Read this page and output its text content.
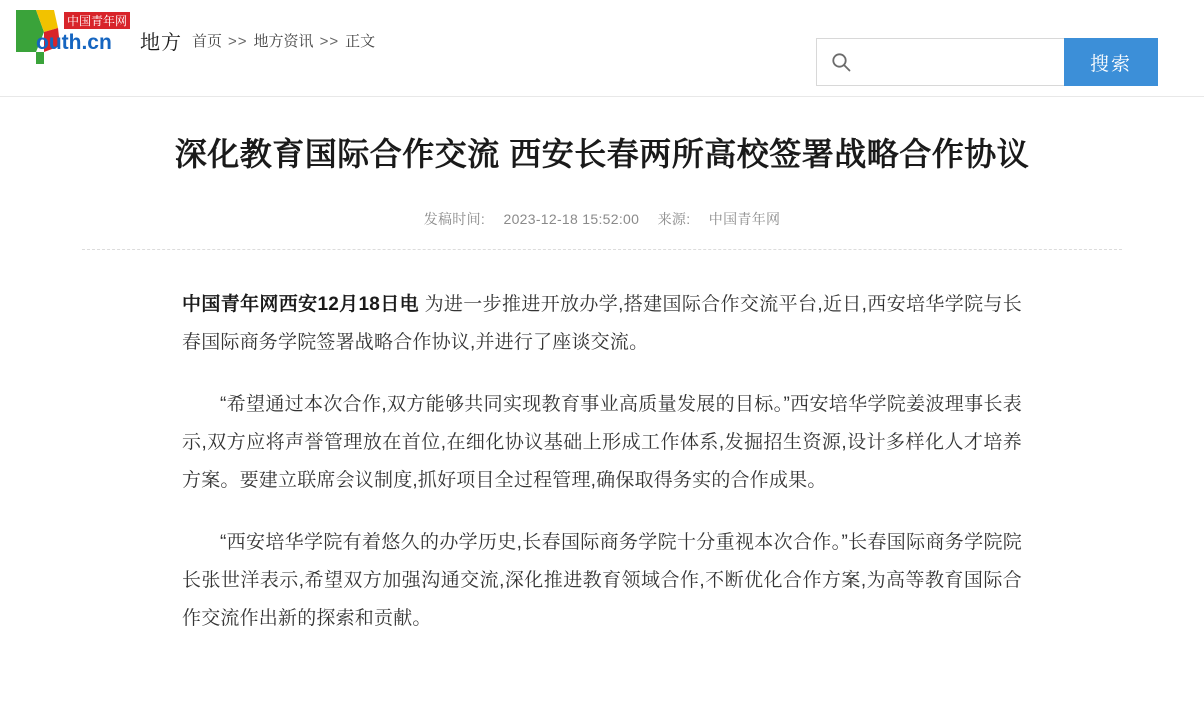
中国青年网
outh.cn 地方 首页 >> 地方资讯 >> 正文
搜索
深化教育国际合作交流 西安长春两所高校签署战略合作协议
发稿时间: 2023-12-18 15:52:00 来源: 中国青年网

中国青年网西安12月18日电 为进一步推进开放办学,搭建国际合作交流平台,近日,西安培华学院与长春国际商务学院签署战略合作协议,并进行了座谈交流。

“希望通过本次合作,双方能够共同实现教育事业高质量发展的目标。”西安培华学院姜波理事长表示,双方应将声誉管理放在首位,在细化协议基础上形成工作体系,发掘招生资源,设计多样化人才培养方案。要建立联席会议制度,抓好项目全过程管理,确保取得务实的合作成果。

“西安培华学院有着悠久的办学历史,长春国际商务学院十分重视本次合作。”长春国际商务学院院长张世洋表示,希望双方加强沟通交流,深化推进教育领域合作,不断优化合作方案,为高等教育国际合作交流作出新的探索和贡献。
